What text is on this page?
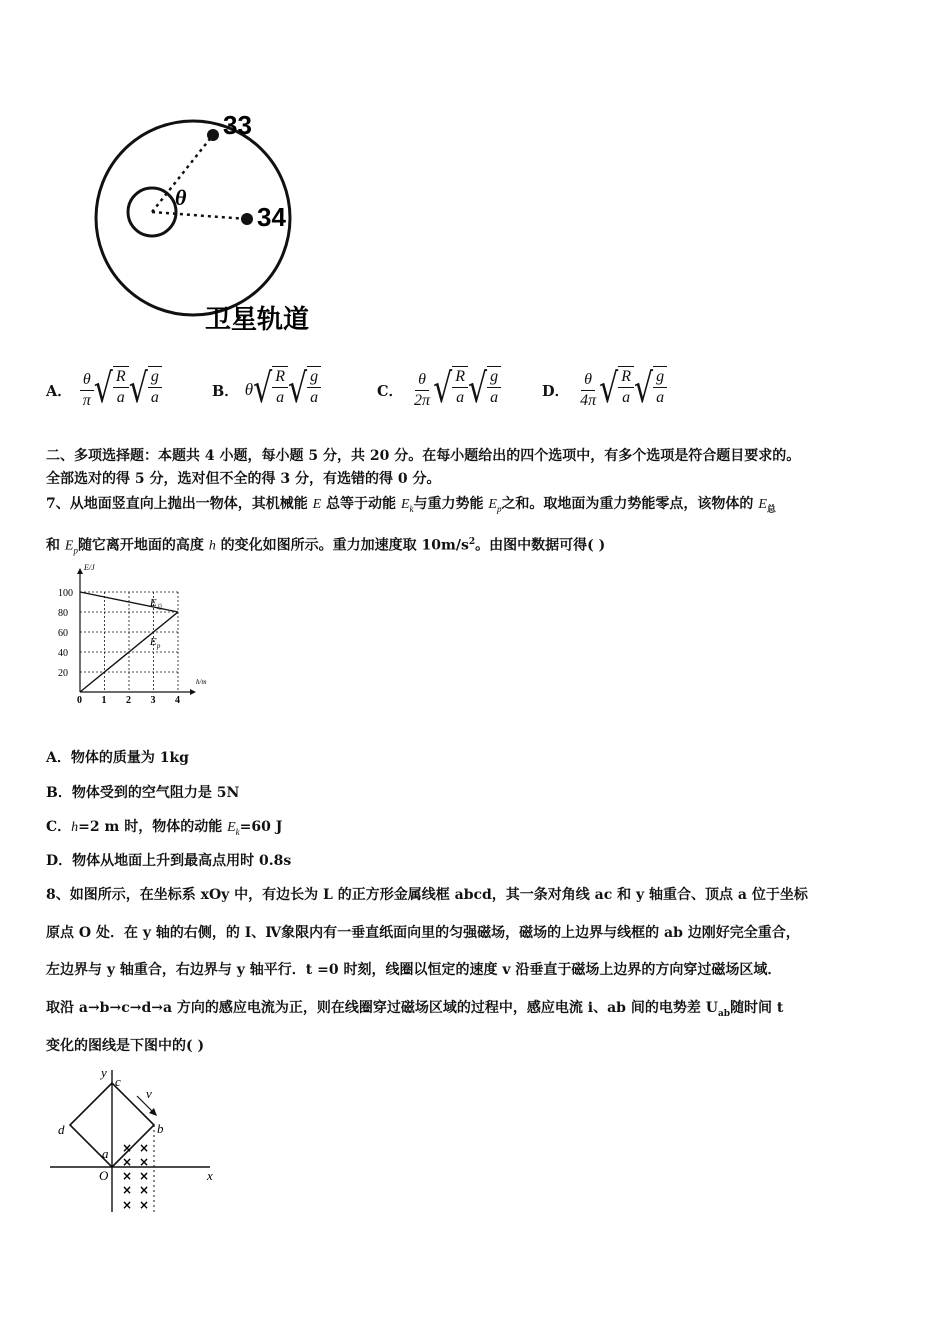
33
34
θ
卫星轨道
A． $\frac{\theta}{\pi}$ √ $\frac{R}{a}$ √ $\frac{g}{a}$	B． θ √ $\frac{R}{a}$ √ $\frac{g}{a}$	C． $\frac{\theta}{2\pi}$ √ $\frac{R}{a}$ √ $\frac{g}{a}$	D． $\frac{\theta}{4\pi}$ √ $\frac{R}{a}$ √ $\frac{g}{a}$
二、多项选择题：本题共 4 小题，每小题 5 分，共 20 分。在每小题给出的四个选项中，有多个选项是符合题目要求的。
全部选对的得 5 分，选对但不全的得 3 分，有选错的得 0 分。
7、从地面竖直向上抛出一物体，其机械能 E 总等于动能 $E_k$与重力势能 $E_p$之和。取地面为重力势能零点，该物体的 $E_总$
和 $E_p$随它离开地面的高度 h 的变化如图所示。重力加速度取 $10m/s^2$。由图中数据可得( )
0 1 2 3 4
20
40
60
80
100
E/J
h/m
E 总
E p
A．物体的质量为 1kg
B．物体受到的空气阻力是 5N
C．h=2 m 时，物体的动能 $E_k=60$ J
D．物体从地面上升到最高点用时 0.8s
8、如图所示，在坐标系 xOy 中，有边长为 L 的正方形金属线框 abcd，其一条对角线 ac 和 y 轴重合、顶点 a 位于坐标
原点 O 处．在 y 轴的右侧，的 I、Ⅳ象限内有一垂直纸面向里的匀强磁场，磁场的上边界与线框的 ab 边刚好完全重合，
左边界与 y 轴重合，右边界与 y 轴平行．t =0 时刻，线圈以恒定的速度 v 沿垂直于磁场上边界的方向穿过磁场区域．
取沿 a→b→c→d→a 方向的感应电流为正，则在线圈穿过磁场区域的过程中，感应电流 i、ab 间的电势差 $U_{ab}$随时间 t
变化的图线是下图中的( )
y
x
O
a
b
c
d
v
× ×
× ×
× ×
× ×
× ×
